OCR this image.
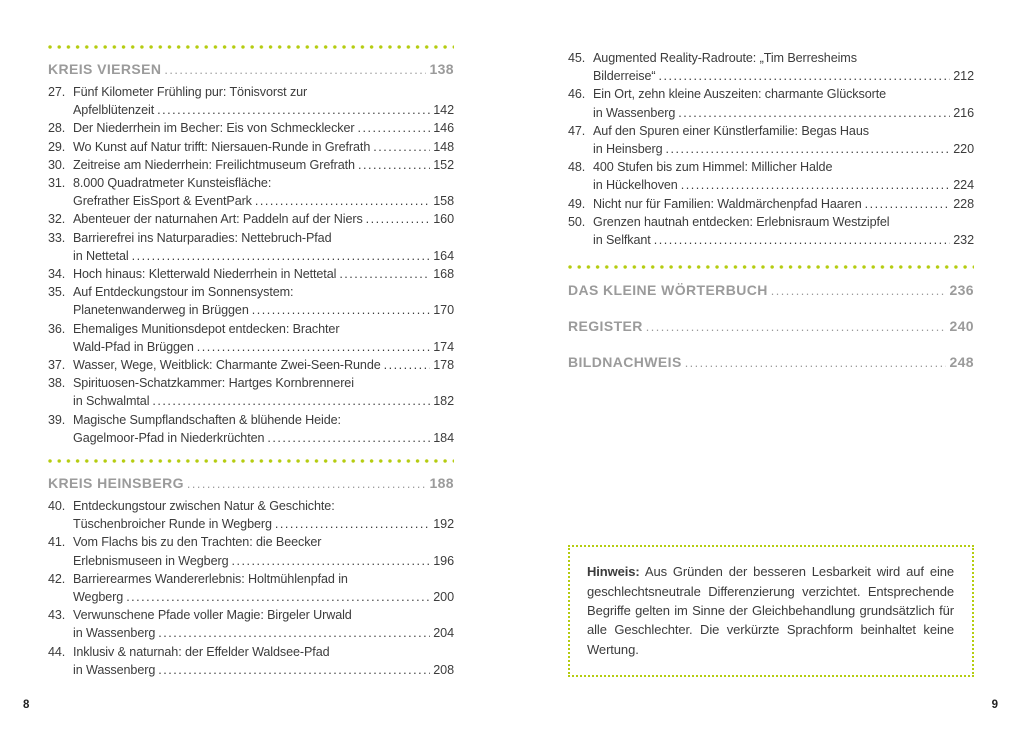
KREIS VIERSEN .....	138
27. Fünf Kilometer Frühling pur: Tönisvorst zur
Apfelblütenzeit .....	142
28. Der Niederrhein im Becher: Eis von Schmecklecker .....	146
29. Wo Kunst auf Natur trifft: Niersauen-Runde in Grefrath .....	148
30. Zeitreise am Niederrhein: Freilichtmuseum Grefrath .....	152
31. 8.000 Quadratmeter Kunsteisfläche:
Grefrather EisSport & EventPark .....	158
32. Abenteuer der naturnahen Art: Paddeln auf der Niers .....	160
33. Barrierefrei ins Naturparadies: Nettebruch-Pfad
in Nettetal .....	164
34. Hoch hinaus: Kletterwald Niederrhein in Nettetal .....	168
35. Auf Entdeckungstour im Sonnensystem:
Planetenwanderweg in Brüggen .....	170
36. Ehemaliges Munitionsdepot entdecken: Brachter
Wald-Pfad in Brüggen .....	174
37. Wasser, Wege, Weitblick: Charmante Zwei-Seen-Runde .....	178
38. Spirituosen-Schatzkammer: Hartges Kornbrennerei
in Schwalmtal .....	182
39. Magische Sumpflandschaften & blühende Heide:
Gagelmoor-Pfad in Niederkrüchten .....	184
KREIS HEINSBERG .....	188
40. Entdeckungstour zwischen Natur & Geschichte:
Tüschenbroicher Runde in Wegberg .....	192
41. Vom Flachs bis zu den Trachten: die Beecker
Erlebnismuseen in Wegberg .....	196
42. Barrierearmes Wandererlebnis: Holtmühlenpfad in
Wegberg .....	200
43. Verwunschene Pfade voller Magie: Birgeler Urwald
in Wassenberg .....	204
44. Inklusiv & naturnah: der Effelder Waldsee-Pfad
in Wassenberg .....	208
45. Augmented Reality-Radroute: „Tim Berresheims
Bilderreise“ .....	212
46. Ein Ort, zehn kleine Auszeiten: charmante Glücksorte
in Wassenberg .....	216
47. Auf den Spuren einer Künstlerfamilie: Begas Haus
in Heinsberg .....	220
48. 400 Stufen bis zum Himmel: Millicher Halde
in Hückelhoven .....	224
49. Nicht nur für Familien: Waldmärchenpfad Haaren .....	228
50. Grenzen hautnah entdecken: Erlebnisraum Westzipfel
in Selfkant .....	232
DAS KLEINE WÖRTERBUCH .....	236
REGISTER .....	240
BILDNACHWEIS .....	248

Hinweis: Aus Gründen der besseren Lesbarkeit wird auf eine geschlechtsneutrale Differenzierung verzichtet. Entsprechende Begriffe gelten im Sinne der Gleichbehandlung grundsätzlich für alle Geschlechter. Die verkürzte Sprachform beinhaltet keine Wertung.

8	9
